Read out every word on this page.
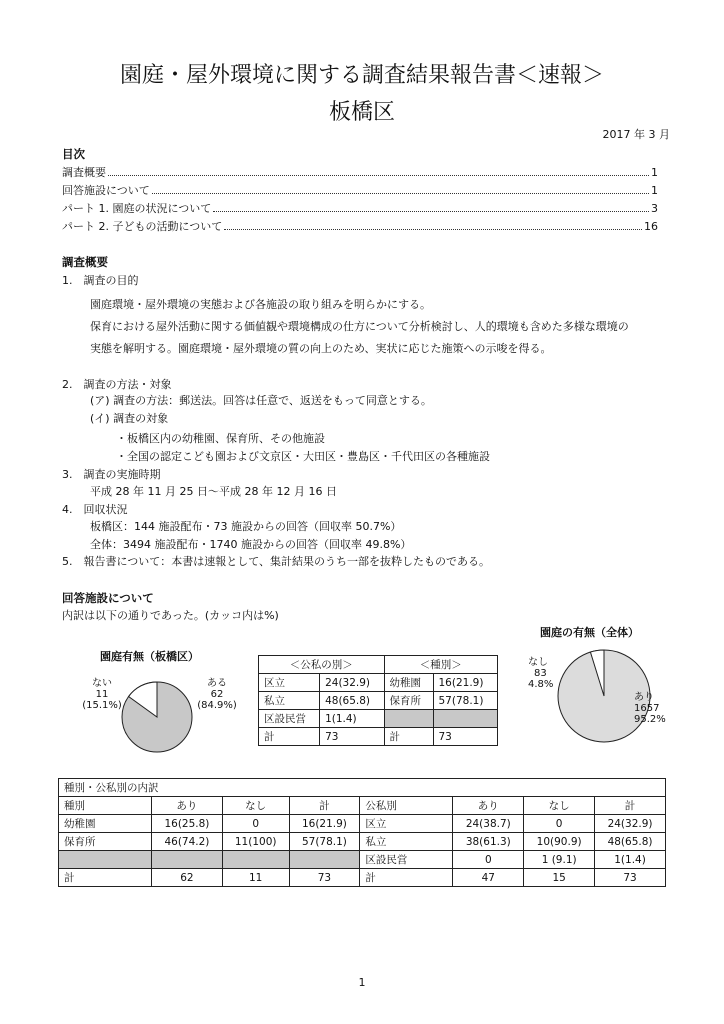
園庭・屋外環境に関する調査結果報告書＜速報＞
板橋区
2017 年 3 月
目次
調査概要	1
回答施設について	1
パート 1. 園庭の状況について	3
パート 2. 子どもの活動について	16
調査概要
1.　調査の目的
園庭環境・屋外環境の実態および各施設の取り組みを明らかにする。
保育における屋外活動に関する価値観や環境構成の仕方について分析検討し、人的環境も含めた多様な環境の
実態を解明する。園庭環境・屋外環境の質の向上のため、実状に応じた施策への示唆を得る。
2.　調査の方法・対象
(ア) 調査の方法：郵送法。回答は任意で、返送をもって同意とする。
(イ) 調査の対象
・板橋区内の幼稚園、保育所、その他施設
・全国の認定こども園および文京区・大田区・豊島区・千代田区の各種施設
3.　調査の実施時期
平成 28 年 11 月 25 日～平成 28 年 12 月 16 日
4.　回収状況
板橋区：144 施設配布・73 施設からの回答（回収率 50.7%）
全体：3494 施設配布・1740 施設からの回答（回収率 49.8%）
5.　報告書について：本書は速報として、集計結果のうち一部を抜粋したものである。
回答施設について
内訳は以下の通りであった。(カッコ内は%)
園庭有無（板橋区）
ない
11
(15.1%)
ある
62
(84.9%)
＜公私の別＞		＜種別＞	
区立	24(32.9)	幼稚園	16(21.9)
私立	48(65.8)	保育所	57(78.1)
区設民営	1(1.4)		
計	73	計	73
園庭の有無（全体）
なし
83
4.8%
あり
1657
95.2%
種別・公私別の内訳							
種別	あり	なし	計	公私別	あり	なし	計
幼稚園	16(25.8)	0	16(21.9)	区立	24(38.7)	0	24(32.9)
保育所	46(74.2)	11(100)	57(78.1)	私立	38(61.3)	10(90.9)	48(65.8)
				区設民営	0	1 (9.1)	1(1.4)
計	62	11	73	計	47	15	73
1
